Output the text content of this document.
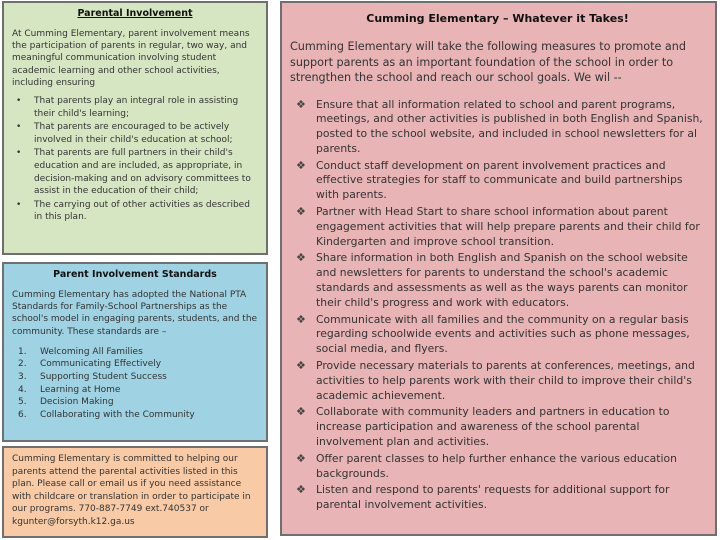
Parental Involvement

At Cumming Elementary, parent involvement means the participation of parents in regular, two way, and meaningful communication involving student academic learning and other school activities, including ensuring

• That parents play an integral role in assisting their child's learning;
• That parents are encouraged to be actively involved in their child's education at school;
• That parents are full partners in their child's education and are included, as appropriate, in decision-making and on advisory committees to assist in the education of their child;
• The carrying out of other activities as described in this plan.
Parent Involvement Standards

Cumming Elementary has adopted the National PTA Standards for Family-School Partnerships as the school's model in engaging parents, students, and the community. These standards are –

1.	Welcoming All Families
2.	Communicating Effectively
3.	Supporting Student Success
4.	Learning at Home
5.	Decision Making
6.	Collaborating with the Community

Cumming Elementary is committed to helping our parents attend the parental activities listed in this plan. Please call or email us if you need assistance with childcare or translation in order to participate in our programs. 770-887-7749 ext.740537 or kgunter@forsyth.k12.ga.us

Cumming Elementary – Whatever it Takes!

Cumming Elementary will take the following measures to promote and support parents as an important foundation of the school in order to strengthen the school and reach our school goals. We wil --

❖ Ensure that all information related to school and parent programs, meetings, and other activities is published in both English and Spanish, posted to the school website, and included in school newsletters for al parents.
❖ Conduct staff development on parent involvement practices and effective strategies for staff to communicate and build partnerships with parents.
❖ Partner with Head Start to share school information about parent engagement activities that will help prepare parents and their child for Kindergarten and improve school transition.
❖ Share information in both English and Spanish on the school website and newsletters for parents to understand the school's academic standards and assessments as well as the ways parents can monitor their child's progress and work with educators.
❖ Communicate with all families and the community on a regular basis regarding schoolwide events and activities such as phone messages, social media, and flyers.
❖ Provide necessary materials to parents at conferences, meetings, and activities to help parents work with their child to improve their child's academic achievement.
❖ Collaborate with community leaders and partners in education to increase participation and awareness of the school parental involvement plan and activities.
❖ Offer parent classes to help further enhance the various education backgrounds.
❖ Listen and respond to parents' requests for additional support for parental involvement activities.
